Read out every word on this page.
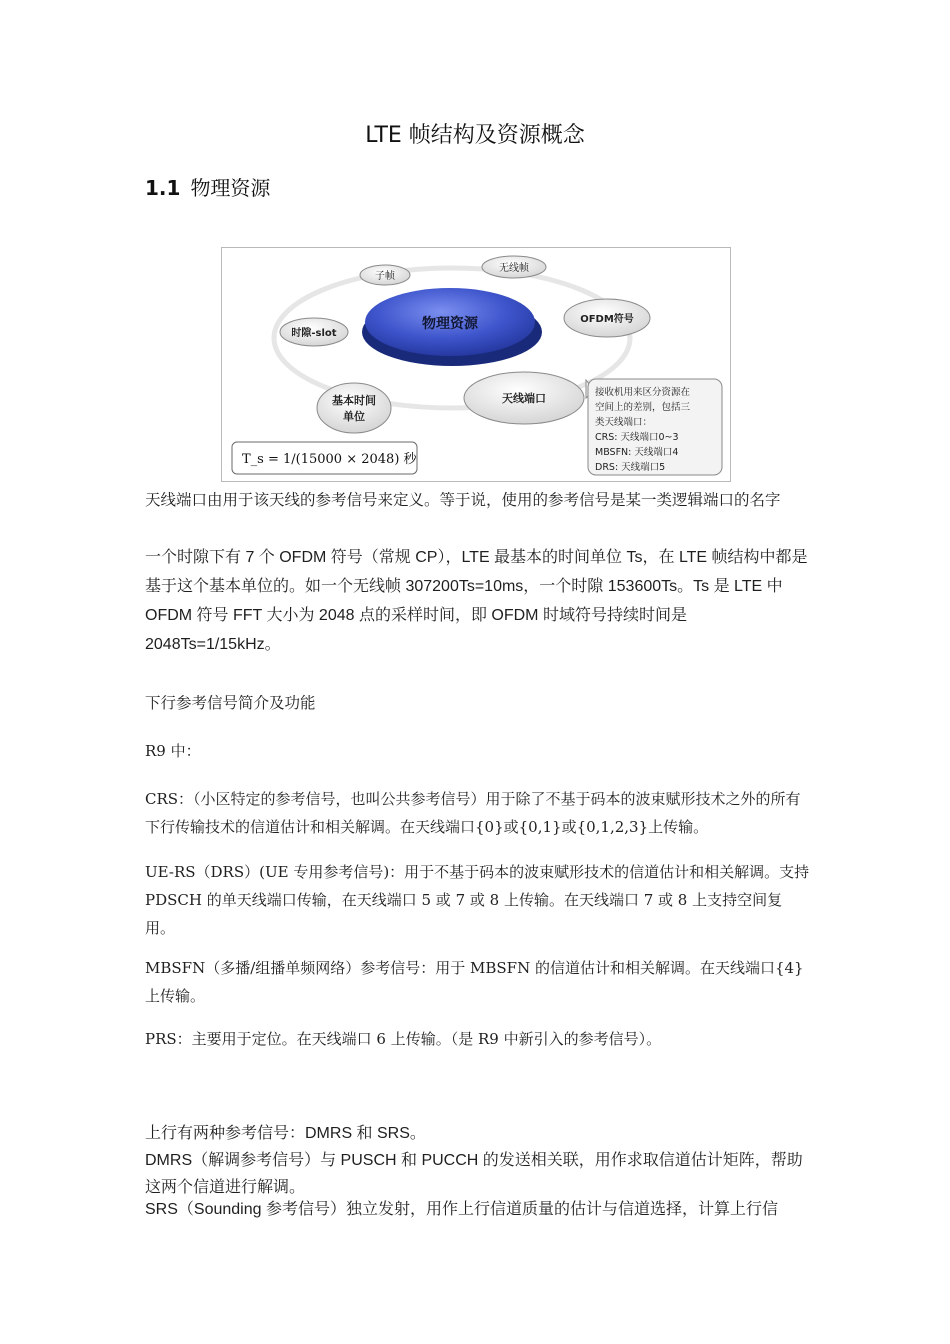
LTE 帧结构及资源概念
1.1 物理资源
物理资源
子帧
无线帧
OFDM符号
时隙-slot
基本时间
单位
天线端口
T_s = 1/(15000 × 2048) 秒
接收机用来区分资源在 空间上的差别，包括三 类天线端口： CRS: 天线端口0~3 MBSFN: 天线端口4 DRS: 天线端口5

天线端口由用于该天线的参考信号来定义。等于说，使用的参考信号是某一类逻辑端口的名字

一个时隙下有 7 个 OFDM 符号（常规 CP），LTE 最基本的时间单位 Ts，在 LTE 帧结构中都是基于这个基本单位的。如一个无线帧 307200Ts=10ms，一个时隙 153600Ts。Ts 是 LTE 中 OFDM 符号 FFT 大小为 2048 点的采样时间，即 OFDM 时域符号持续时间是 2048Ts=1/15kHz。

下行参考信号简介及功能

R9 中：

CRS：（小区特定的参考信号，也叫公共参考信号）用于除了不基于码本的波束赋形技术之外的所有下行传输技术的信道估计和相关解调。在天线端口{0}或{0,1}或{0,1,2,3}上传输。

UE-RS（DRS）(UE 专用参考信号)：用于不基于码本的波束赋形技术的信道估计和相关解调。支持 PDSCH 的单天线端口传输，在天线端口 5 或 7 或 8 上传输。在天线端口 7 或 8 上支持空间复用。

MBSFN（多播/组播单频网络）参考信号：用于 MBSFN 的信道估计和相关解调。在天线端口{4}上传输。

PRS：主要用于定位。在天线端口 6 上传输。（是 R9 中新引入的参考信号）。

上行有两种参考信号：DMRS 和 SRS。

DMRS（解调参考信号）与 PUSCH 和 PUCCH 的发送相关联，用作求取信道估计矩阵，帮助这两个信道进行解调。

SRS（Sounding 参考信号）独立发射，用作上行信道质量的估计与信道选择，计算上行信
